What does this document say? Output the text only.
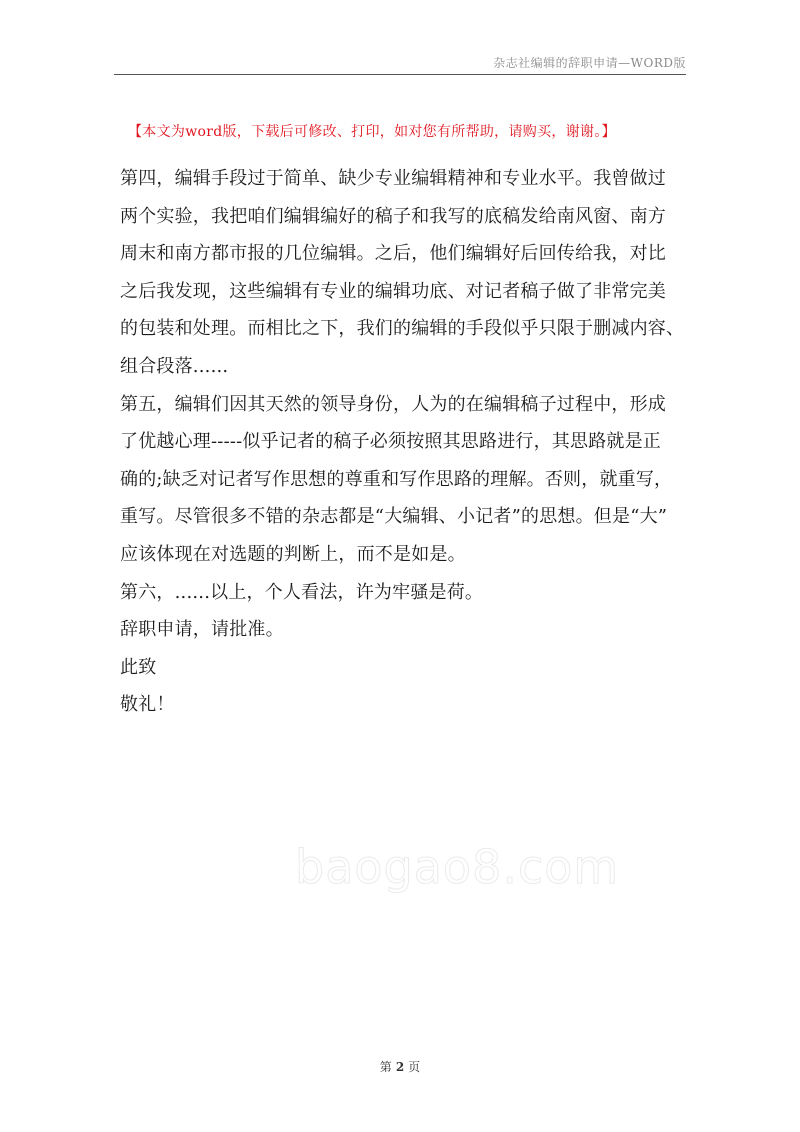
杂志社编辑的辞职申请—WORD版
【本文为word版，下载后可修改、打印，如对您有所帮助，请购买，谢谢。】
baogao8.com

第四，编辑手段过于简单、缺少专业编辑精神和专业水平。我曾做过
两个实验，我把咱们编辑编好的稿子和我写的底稿发给南风窗、南方
周末和南方都市报的几位编辑。之后，他们编辑好后回传给我，对比
之后我发现，这些编辑有专业的编辑功底、对记者稿子做了非常完美
的包装和处理。而相比之下，我们的编辑的手段似乎只限于删减内容、
组合段落......

第五，编辑们因其天然的领导身份，人为的在编辑稿子过程中，形成
了优越心理-----似乎记者的稿子必须按照其思路进行，其思路就是正
确的;缺乏对记者写作思想的尊重和写作思路的理解。否则，就重写，
重写。尽管很多不错的杂志都是“大编辑、小记者”的思想。但是“大”
应该体现在对选题的判断上，而不是如是。

第六，......以上，个人看法，许为牢骚是荷。

辞职申请，请批准。

此致

敬礼！

第 2 页
